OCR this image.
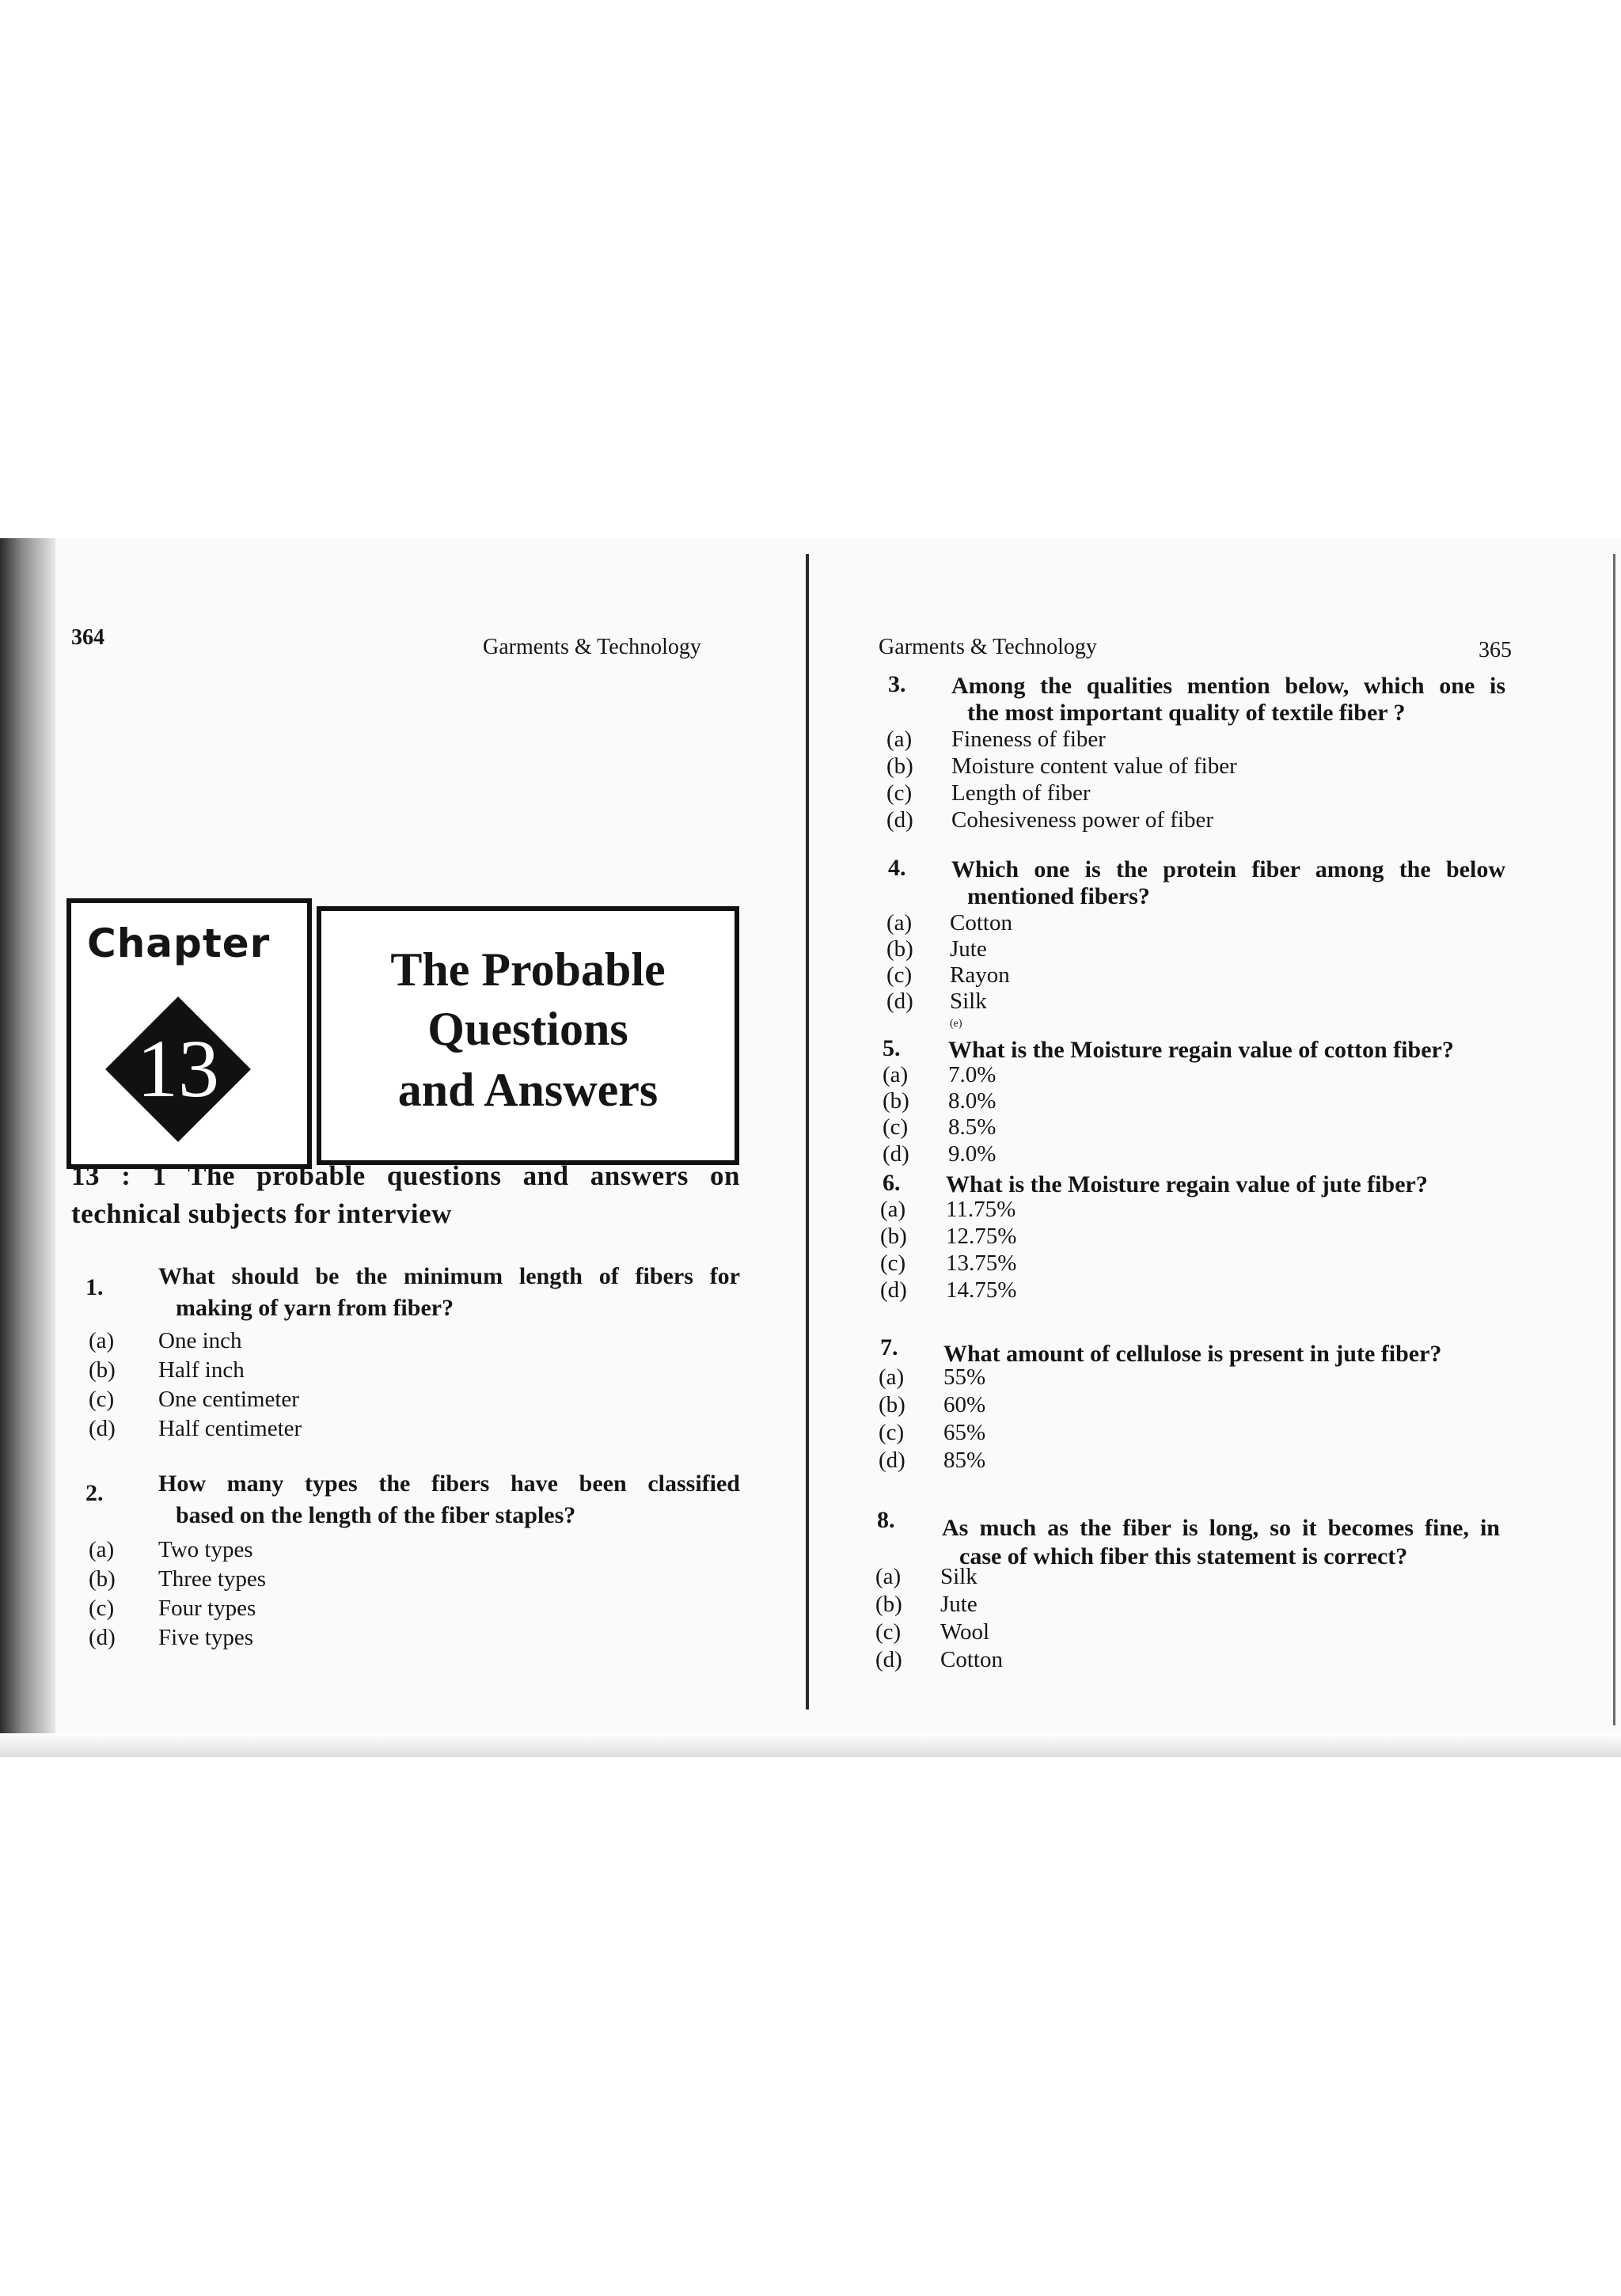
364	Garments & Technology
Chapter
13
The Probable
Questions
and Answers
13 : 1 The probable questions and answers on
technical subjects for interview
1. What should be the minimum length of fibers for
making of yarn from fiber?
(a) One inch
(b) Half inch
(c) One centimeter
(d) Half centimeter
2. How many types the fibers have been classified
based on the length of the fiber staples?
(a) Two types
(b) Three types
(c) Four types
(d) Five types
Garments & Technology	365
3. Among the qualities mention below, which one is
the most important quality of textile fiber ?
(a) Fineness of fiber
(b) Moisture content value of fiber
(c) Length of fiber
(d) Cohesiveness power of fiber
4. Which one is the protein fiber among the below
mentioned fibers?
(a) Cotton
(b) Jute
(c) Rayon
(d) Silk
(e)
5. What is the Moisture regain value of cotton fiber?
(a) 7.0%
(b) 8.0%
(c) 8.5%
(d) 9.0%
6. What is the Moisture regain value of jute fiber?
(a) 11.75%
(b) 12.75%
(c) 13.75%
(d) 14.75%
7. What amount of cellulose is present in jute fiber?
(a) 55%
(b) 60%
(c) 65%
(d) 85%
8. As much as the fiber is long, so it becomes fine, in
case of which fiber this statement is correct?
(a) Silk
(b) Jute
(c) Wool
(d) Cotton
